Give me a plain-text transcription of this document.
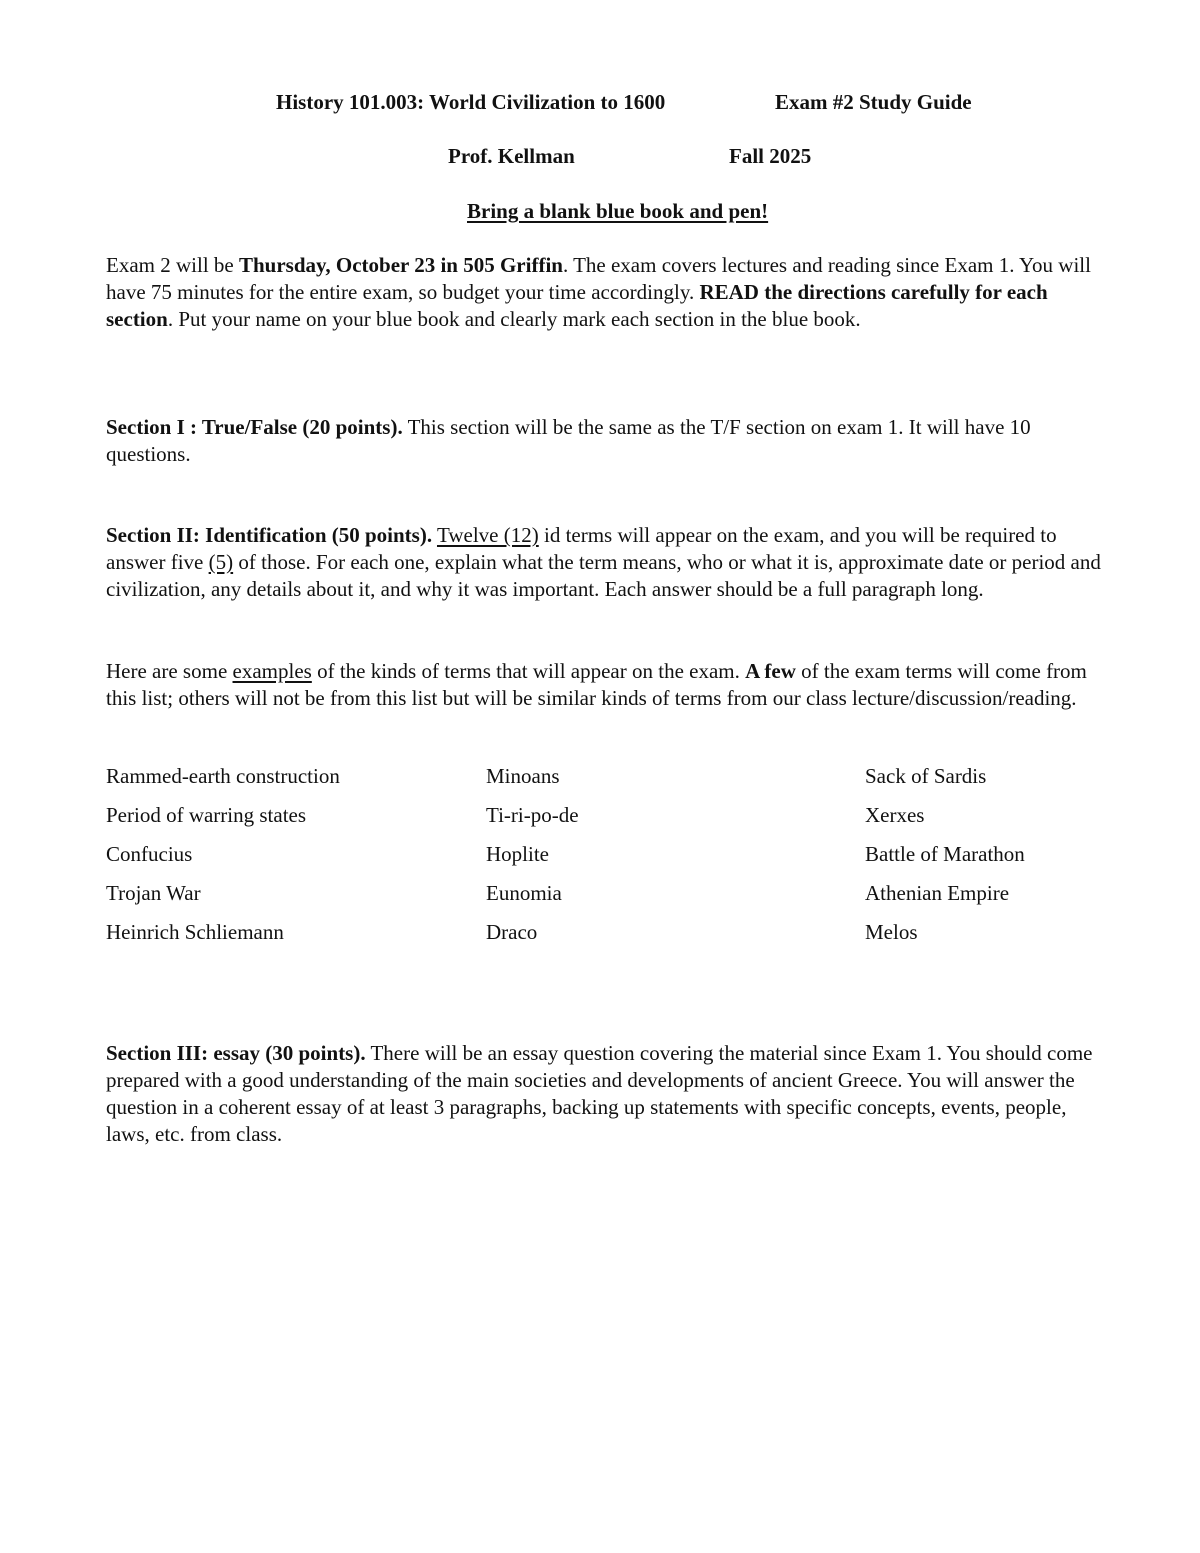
History 101.003: World Civilization to 1600	Exam #2 Study Guide
Prof. Kellman	Fall 2025
Bring a blank blue book and pen!

Exam 2 will be Thursday, October 23 in 505 Griffin. The exam covers lectures and reading since Exam 1. You will have 75 minutes for the entire exam, so budget your time accordingly. READ the directions carefully for each section. Put your name on your blue book and clearly mark each section in the blue book.

Section I : True/False (20 points). This section will be the same as the T/F section on exam 1. It will have 10 questions.

Section II: Identification (50 points). Twelve (12) id terms will appear on the exam, and you will be required to answer five (5) of those. For each one, explain what the term means, who or what it is, approximate date or period and civilization, any details about it, and why it was important. Each answer should be a full paragraph long.

Here are some examples of the kinds of terms that will appear on the exam. A few of the exam terms will come from this list; others will not be from this list but will be similar kinds of terms from our class lecture/discussion/reading.

Rammed-earth construction	Minoans	Sack of Sardis
Period of warring states	Ti-ri-po-de	Xerxes
Confucius	Hoplite	Battle of Marathon
Trojan War	Eunomia	Athenian Empire
Heinrich Schliemann	Draco	Melos

Section III: essay (30 points). There will be an essay question covering the material since Exam 1. You should come prepared with a good understanding of the main societies and developments of ancient Greece. You will answer the question in a coherent essay of at least 3 paragraphs, backing up statements with specific concepts, events, people, laws, etc. from class.
